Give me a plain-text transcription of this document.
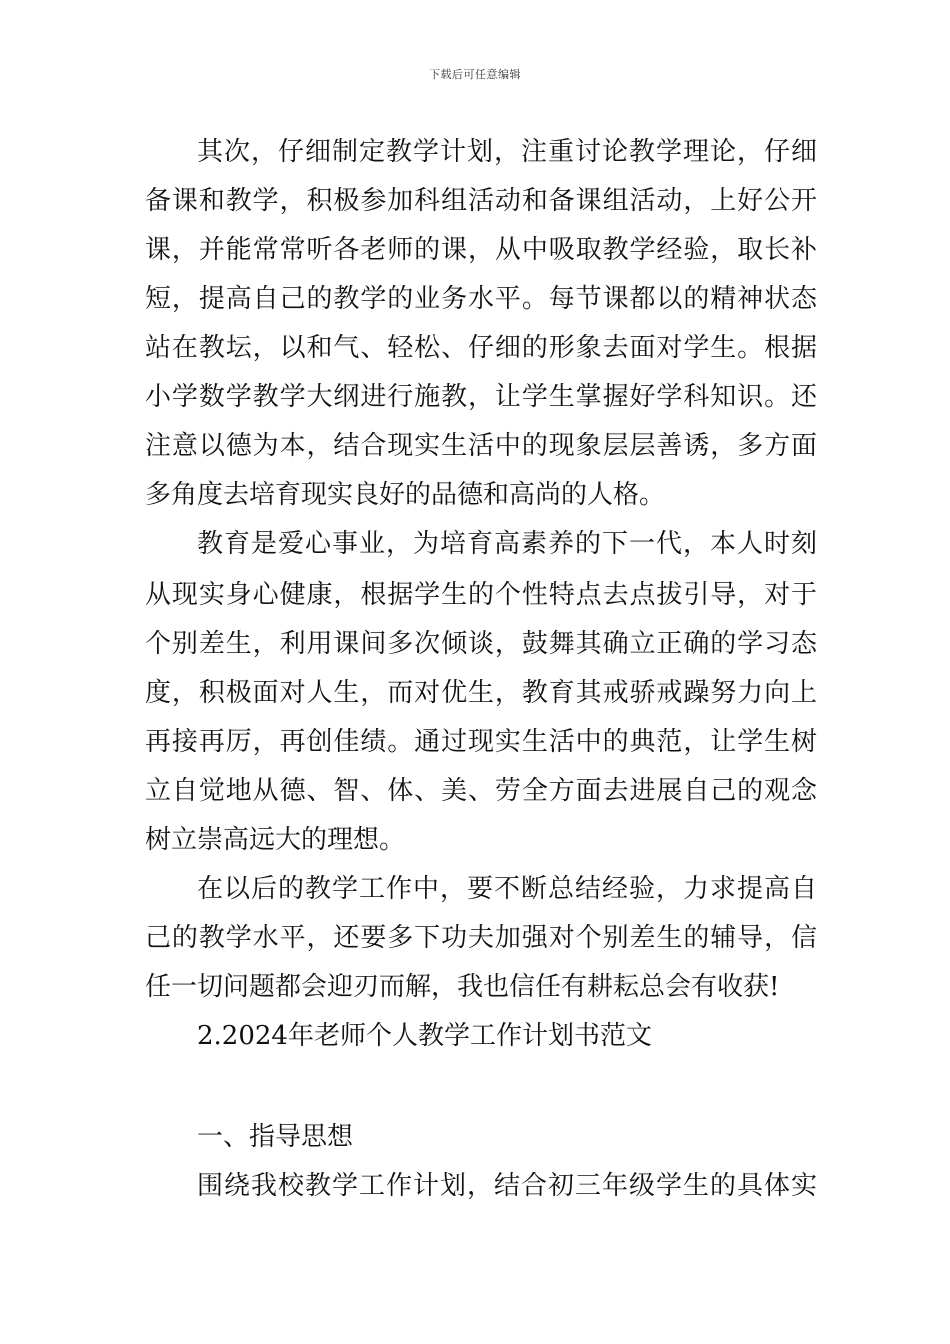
下载后可任意编辑
其次，仔细制定教学计划，注重讨论教学理论，仔细
备课和教学，积极参加科组活动和备课组活动，上好公开
课，并能常常听各老师的课，从中吸取教学经验，取长补
短，提高自己的教学的业务水平。每节课都以的精神状态
站在教坛，以和气、轻松、仔细的形象去面对学生。根据
小学数学教学大纲进行施教，让学生掌握好学科知识。还
注意以德为本，结合现实生活中的现象层层善诱，多方面
多角度去培育现实良好的品德和高尚的人格。
教育是爱心事业，为培育高素养的下一代，本人时刻
从现实身心健康，根据学生的个性特点去点拔引导，对于
个别差生，利用课间多次倾谈，鼓舞其确立正确的学习态
度，积极面对人生，而对优生，教育其戒骄戒躁努力向上
再接再厉，再创佳绩。通过现实生活中的典范，让学生树
立自觉地从德、智、体、美、劳全方面去进展自己的观念
树立崇高远大的理想。
在以后的教学工作中，要不断总结经验，力求提高自
己的教学水平，还要多下功夫加强对个别差生的辅导，信
任一切问题都会迎刃而解，我也信任有耕耘总会有收获!
2.2024年老师个人教学工作计划书范文
一、指导思想
围绕我校教学工作计划，结合初三年级学生的具体实
